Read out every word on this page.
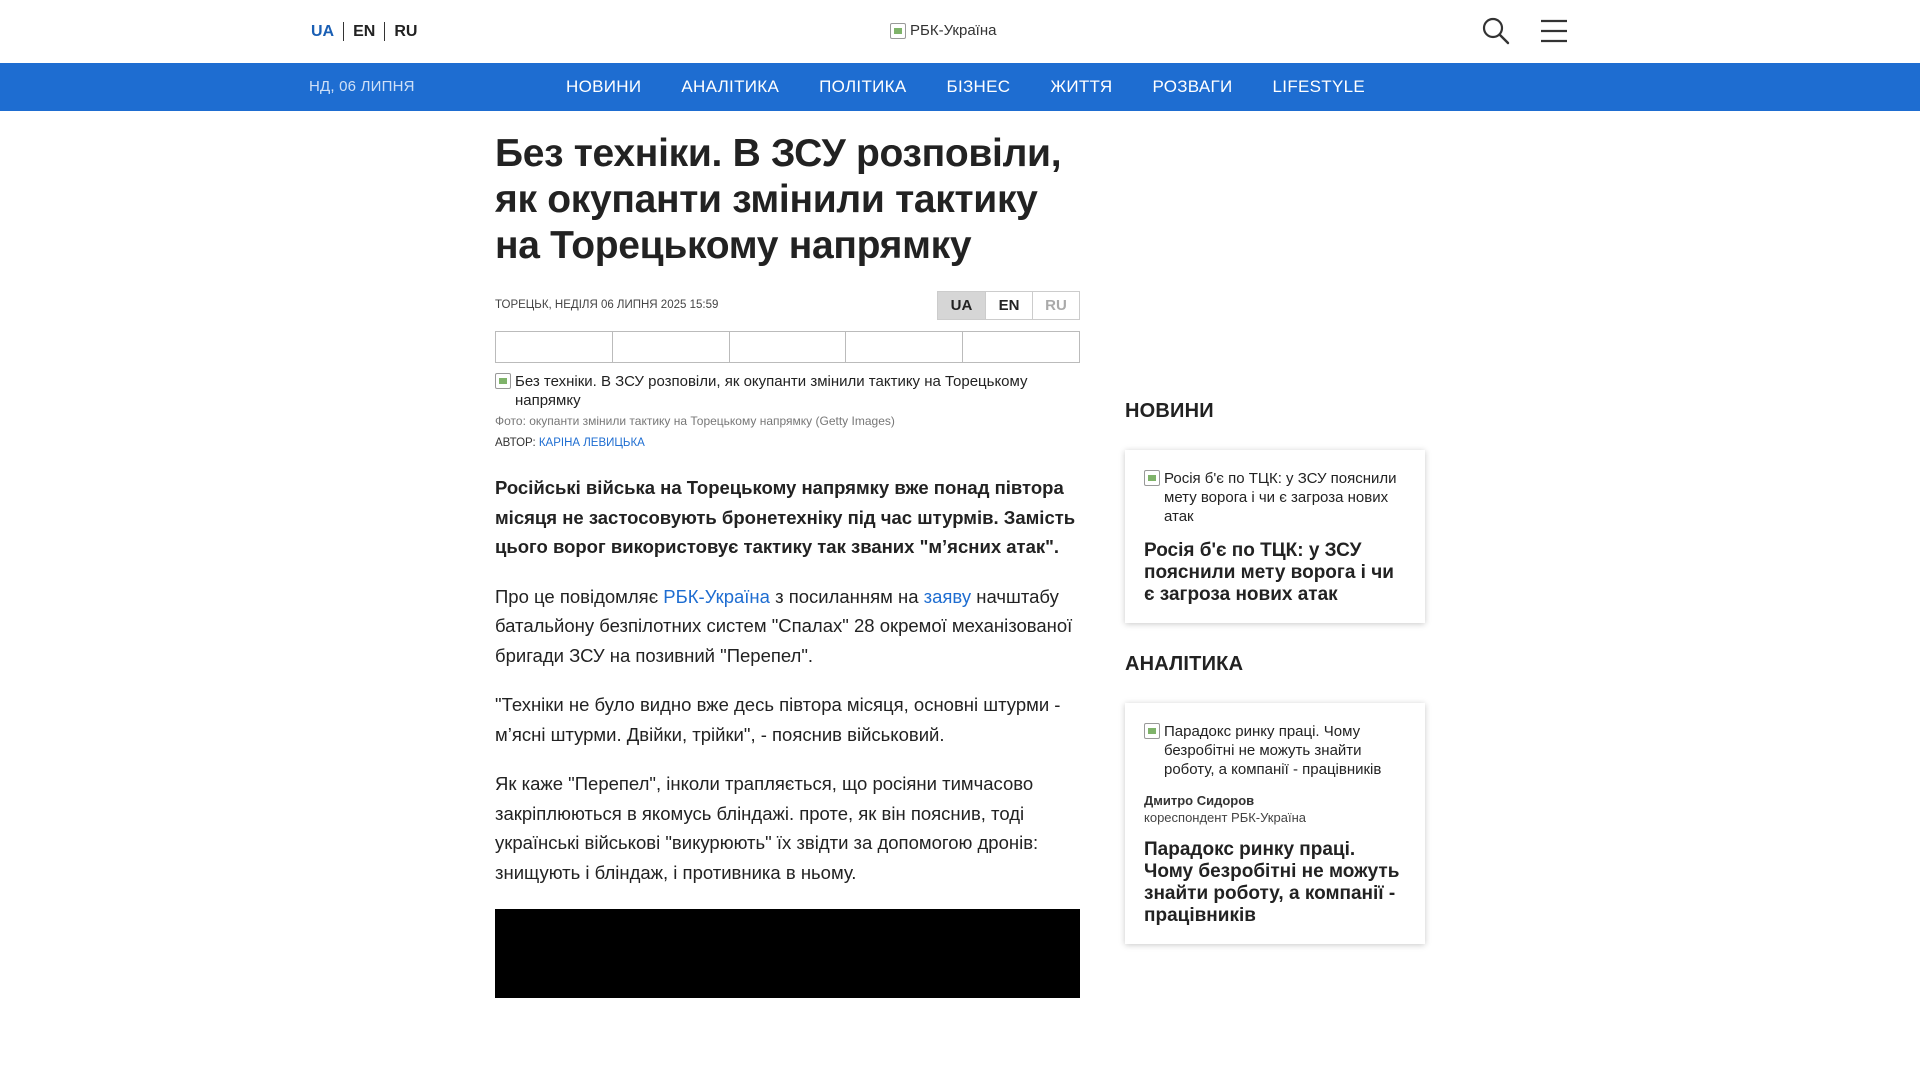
UA	EN	RU	РБК-Україна
НД, 06 ЛИПНЯ	НОВИНИ	АНАЛІТИКА	ПОЛІТИКА	БІЗНЕС	ЖИТТЯ	РОЗВАГИ	LIFESTYLE
Без техніки. В ЗСУ розповіли, як окупанти змінили тактику на Торецькому напрямку
ТОРЕЦЬК, НЕДІЛЯ 06 ЛИПНЯ 2025 15:59	UA	EN	RU
Без техніки. В ЗСУ розповіли, як окупанти змінили тактику на Торецькому напрямку
Фото: окупанти змінили тактику на Торецькому напрямку (Getty Images)
АВТОР: КАРІНА ЛЕВИЦЬКА

Російські війська на Торецькому напрямку вже понад півтора місяця не застосовують бронетехніку під час штурмів. Замість цього ворог використовує тактику так званих "м’ясних атак".

Про це повідомляє РБК-Україна з посиланням на заяву начштабу батальйону безпілотних систем "Спалах" 28 окремої механізованої бригади ЗСУ на позивний "Перепел".

"Техніки не було видно вже десь півтора місяця, основні штурми - м’ясні штурми. Двійки, трійки", - пояснив військовий.

Як каже "Перепел", інколи трапляється, що росіяни тимчасово закріплюються в якомусь бліндажі. проте, як він пояснив, тоді українські військові "викурюють" їх звідти за допомогою дронів: знищують і бліндаж, і противника в ньому.

НОВИНИ
Росія б'є по ТЦК: у ЗСУ пояснили мету ворога і чи є загроза нових атак
Росія б'є по ТЦК: у ЗСУ пояснили мету ворога і чи є загроза нових атак
АНАЛІТИКА
Парадокс ринку праці. Чому безробітні не можуть знайти роботу, а компанії - працівників
Дмитро Сидоров
кореспондент РБК-Україна
Парадокс ринку праці. Чому безробітні не можуть знайти роботу, а компанії - працівників
